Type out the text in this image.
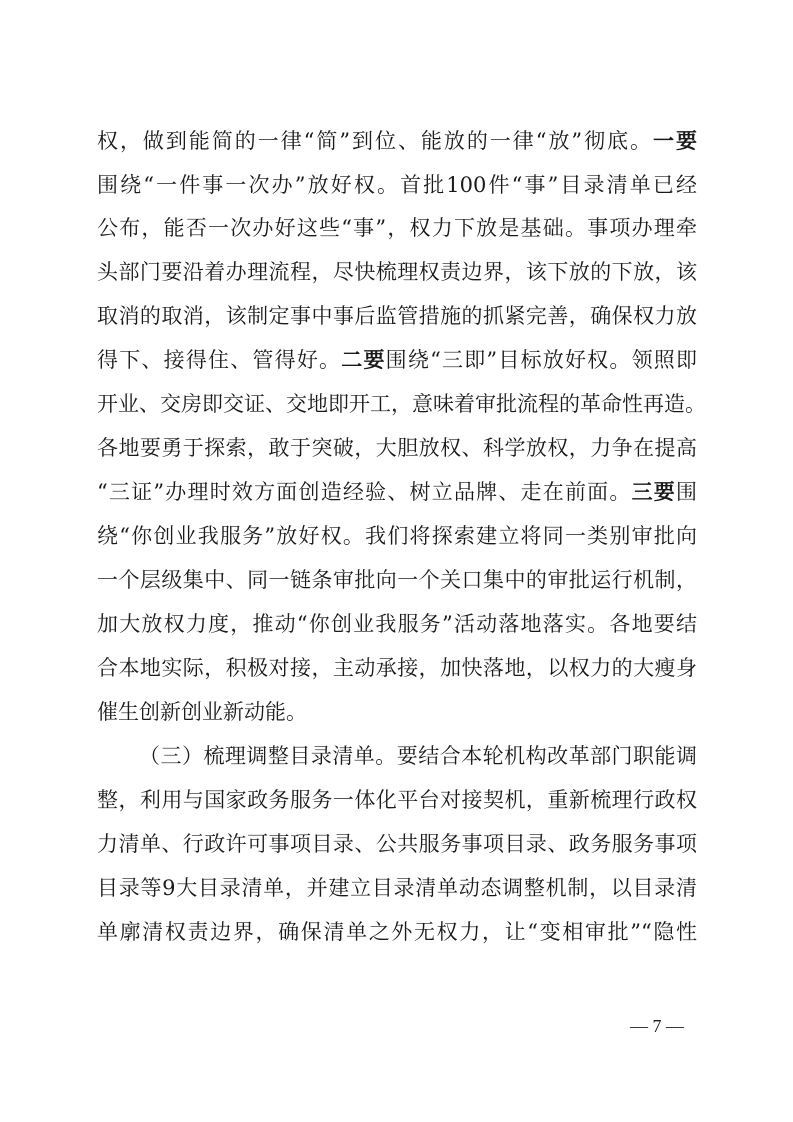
权，做到能简的一律“简”到位、能放的一律“放”彻底。一要
围绕“一件事一次办”放好权。首批100件“事”目录清单已经
公布，能否一次办好这些“事”，权力下放是基础。事项办理牵
头部门要沿着办理流程，尽快梳理权责边界，该下放的下放，该
取消的取消，该制定事中事后监管措施的抓紧完善，确保权力放
得下、接得住、管得好。二要围绕“三即”目标放好权。领照即
开业、交房即交证、交地即开工，意味着审批流程的革命性再造。
各地要勇于探索，敢于突破，大胆放权、科学放权，力争在提高
“三证”办理时效方面创造经验、树立品牌、走在前面。三要围
绕“你创业我服务”放好权。我们将探索建立将同一类别审批向
一个层级集中、同一链条审批向一个关口集中的审批运行机制，
加大放权力度，推动“你创业我服务”活动落地落实。各地要结
合本地实际，积极对接，主动承接，加快落地，以权力的大瘦身
催生创新创业新动能。
（三）梳理调整目录清单。要结合本轮机构改革部门职能调
整，利用与国家政务服务一体化平台对接契机，重新梳理行政权
力清单、行政许可事项目录、公共服务事项目录、政务服务事项
目录等9大目录清单，并建立目录清单动态调整机制，以目录清
单廓清权责边界，确保清单之外无权力，让“变相审批”“隐性
— 7 —
